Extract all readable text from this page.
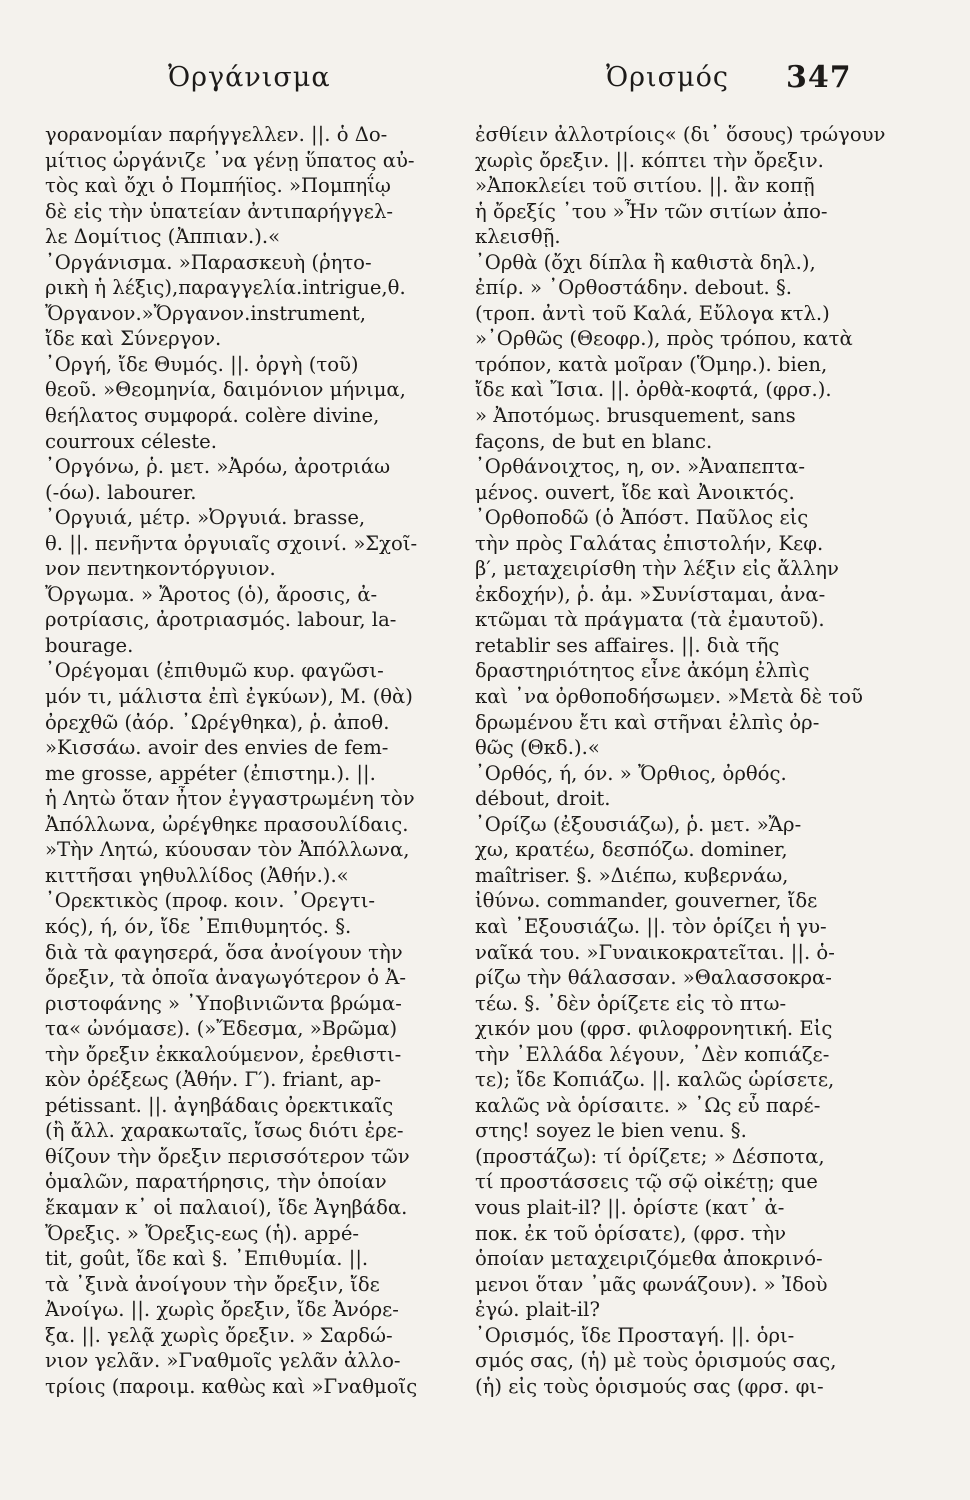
Ὀργάνισμα	Ὀρισμός 347
γορανομίαν παρήγγελλεν. ||. ὁ Δο-
μίτιος ὠργάνιζε ᾽να γένῃ ὕπατος αὐ-
τὸς καὶ ὄχι ὁ Πομπήϊος. »Πομπηΐῳ
δὲ εἰς τὴν ὑπατείαν ἀντιπαρήγγελ-
λε Δομίτιος (Ἀππιαν.).«
᾽Οργάνισμα. »Παρασκευὴ (ῥητο-
ρικὴ ἡ λέξις),παραγγελία.intrigue,θ.
Ὄργανον.»Ὄργανον.instrument,
ἴδε καὶ Σύνεργον.
᾽Οργή, ἴδε Θυμός. ||. ὀργὴ (τοῦ)
θεοῦ. »Θεομηνία, δαιμόνιον μήνιμα,
θεήλατος συμφορά. colère divine,
courroux céleste.
᾽Οργόνω, ῥ. μετ. »Ἀρόω, ἀροτριάω
(-όω). labourer.
᾽Οργυιά, μέτρ. »Ὀργυιά. brasse,
θ. ||. πενῆντα ὀργυιαῖς σχοινί. »Σχοῖ-
νον πεντηκοντόργυιον.
Ὄργωμα. » Ἄροτος (ὁ), ἄροσις, ἀ-
ροτρίασις, ἀροτριασμός. labour, la-
bourage.
᾽Ορέγομαι (ἐπιθυμῶ κυρ. φαγῶσι-
μόν τι, μάλιστα ἐπὶ ἐγκύων), Μ. (θὰ)
ὀρεχθῶ (ἀόρ. ᾽Ωρέγθηκα), ῥ. ἀποθ.
»Κισσάω. avoir des envies de fem-
me grosse, appéter (ἐπιστημ.). ||.
ἡ Λητὼ ὅταν ἦτον ἐγγαστρωμένη τὸν
Ἀπόλλωνα, ὠρέγθηκε πρασουλίδαις.
»Τὴν Λητώ, κύουσαν τὸν Ἀπόλλωνα,
κιττῆσαι γηθυλλίδος (Ἀθήν.).«
᾽Ορεκτικὸς (προφ. κοιν. ᾽Ορεγτι-
κός), ή, όν, ἴδε ᾽Επιθυμητός. §.
διὰ τὰ φαγησερά, ὅσα ἀνοίγουν τὴν
ὄρεξιν, τὰ ὁποῖα ἀναγωγότερον ὁ Ἀ-
ριστοφάνης » ᾽Υποβινιῶντα βρώμα-
τα« ὠνόμασε). (»Ἔδεσμα, »Βρῶμα)
τὴν ὄρεξιν ἐκκαλούμενον, ἐρεθιστι-
κὸν ὀρέξεως (Ἀθήν. Γ′). friant, ap-
pétissant. ||. ἀγηβάδαις ὀρεκτικαῖς
(ἢ ἄλλ. χαρακωταῖς, ἴσως διότι ἐρε-
θίζουν τὴν ὄρεξιν περισσότερον τῶν
ὁμαλῶν, παρατήρησις, τὴν ὁποίαν
ἔκαμαν κ᾽ οἱ παλαιοί), ἴδε Ἀγηβάδα.
Ὄρεξις. » Ὄρεξις-εως (ἡ). appé-
tit, goût, ἴδε καὶ §. ᾽Επιθυμία. ||.
τὰ ᾽ξινὰ ἀνοίγουν τὴν ὄρεξιν, ἴδε
Ἀνοίγω. ||. χωρὶς ὄρεξιν, ἴδε Ἀνόρε-
ξα. ||. γελᾷ χωρὶς ὄρεξιν. » Σαρδώ-
νιον γελᾶν. »Γναθμοῖς γελᾶν ἀλλο-
τρίοις (παροιμ. καθὼς καὶ »Γναθμοῖς
ἐσθίειν ἀλλοτρίοις« (δι᾽ ὅσους) τρώγουν
χωρὶς ὄρεξιν. ||. κόπτει τὴν ὄρεξιν.
»Ἀποκλείει τοῦ σιτίου. ||. ἂν κοπῇ
ἡ ὄρεξίς ᾽του »Ἦν τῶν σιτίων ἀπο-
κλεισθῇ.
᾽Ορθὰ (ὄχι δίπλα ἢ καθιστὰ δηλ.),
ἐπίρ. » ᾽Ορθοστάδην. debout. §.
(τροπ. ἀντὶ τοῦ Καλά, Εὔλογα κτλ.)
»᾽Ορθῶς (Θεοφρ.), πρὸς τρόπου, κατὰ
τρόπον, κατὰ μοῖραν (Ὅμηρ.). bien,
ἴδε καὶ Ἴσια. ||. ὀρθὰ-κοφτά, (φρσ.).
» Ἀποτόμως. brusquement, sans
façons, de but en blanc.
᾽Ορθάνοιχτος, η, ον. »Ἀναπεπτα-
μένος. ouvert, ἴδε καὶ Ἀνοικτός.
᾽Ορθοποδῶ (ὁ Ἀπόστ. Παῦλος εἰς
τὴν πρὸς Γαλάτας ἐπιστολήν, Κεφ.
β′, μεταχειρίσθη τὴν λέξιν εἰς ἄλλην
ἐκδοχήν), ῥ. ἀμ. »Συνίσταμαι, ἀνα-
κτῶμαι τὰ πράγματα (τὰ ἐμαυτοῦ).
retablir ses affaires. ||. διὰ τῆς
δραστηριότητος εἶνε ἀκόμη ἐλπὶς
καὶ ᾽να ὀρθοποδήσωμεν. »Μετὰ δὲ τοῦ
δρωμένου ἔτι καὶ στῆναι ἐλπὶς ὀρ-
θῶς (Θκδ.).«
᾽Ορθός, ή, όν. » Ὄρθιος, ὀρθός.
débout, droit.
᾽Ορίζω (ἐξουσιάζω), ῥ. μετ. »Ἄρ-
χω, κρατέω, δεσπόζω. dominer,
maîtriser. §. »Διέπω, κυβερνάω,
ἰθύνω. commander, gouverner, ἴδε
καὶ ᾽Εξουσιάζω. ||. τὸν ὁρίζει ἡ γυ-
ναῖκά του. »Γυναικοκρατεῖται. ||. ὁ-
ρίζω τὴν θάλασσαν. »Θαλασσοκρα-
τέω. §. ᾽δὲν ὁρίζετε εἰς τὸ πτω-
χικόν μου (φρσ. φιλοφρονητική. Εἰς
τὴν ᾽Ελλάδα λέγουν, ᾽Δὲν κοπιάζε-
τε); ἴδε Κοπιάζω. ||. καλῶς ὡρίσετε,
καλῶς νὰ ὁρίσαιτε. » ᾽Ως εὖ παρέ-
στης! soyez le bien venu. §.
(προστάζω): τί ὁρίζετε; » Δέσποτα,
τί προστάσσεις τῷ σῷ οἰκέτῃ; que
vous plait-il? ||. ὁρίστε (κατ᾽ ἀ-
ποκ. ἐκ τοῦ ὁρίσατε), (φρσ. τὴν
ὁποίαν μεταχειριζόμεθα ἀποκρινό-
μενοι ὅταν ᾽μᾶς φωνάζουν). » Ἰδοὺ
ἐγώ. plait-il?
᾽Ορισμός, ἴδε Προσταγή. ||. ὁρι-
σμός σας, (ἡ) μὲ τοὺς ὁρισμούς σας,
(ἡ) εἰς τοὺς ὁρισμούς σας (φρσ. φι-
